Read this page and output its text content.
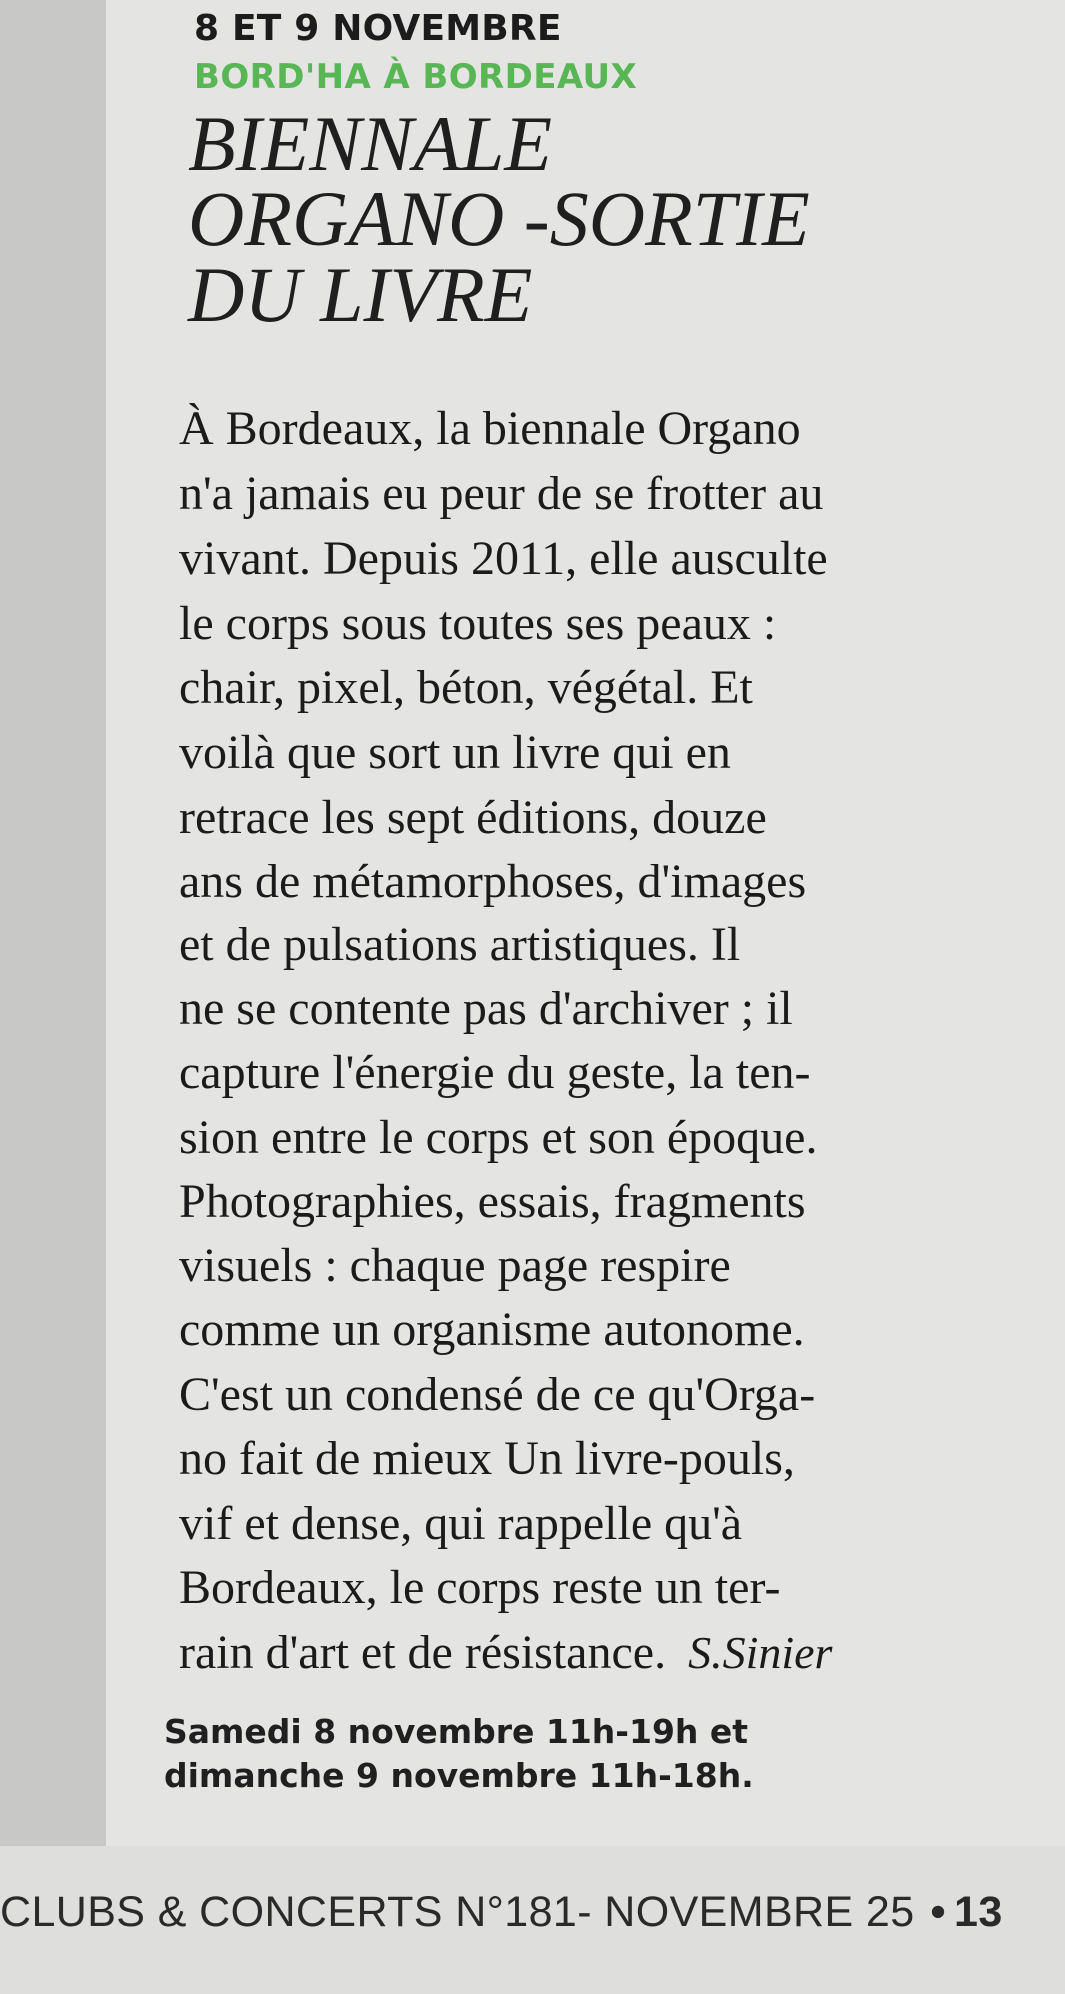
8 ET 9 NOVEMBRE
BORD'HA À BORDEAUX
BIENNALE
ORGANO -SORTIE
DU LIVRE
À Bordeaux, la biennale Organo
n'a jamais eu peur de se frotter au
vivant. Depuis 2011, elle ausculte
le corps sous toutes ses peaux :
chair, pixel, béton, végétal. Et
voilà que sort un livre qui en
retrace les sept éditions, douze
ans de métamorphoses, d'images
et de pulsations artistiques. Il
ne se contente pas d'archiver ; il
capture l'énergie du geste, la ten-
sion entre le corps et son époque.
Photographies, essais, fragments
visuels : chaque page respire
comme un organisme autonome.
C'est un condensé de ce qu'Orga-
no fait de mieux Un livre-pouls,
vif et dense, qui rappelle qu'à
Bordeaux, le corps reste un ter-
rain d'art et de résistance. S.Sinier
Samedi 8 novembre 11h-19h et
dimanche 9 novembre 11h-18h.
CLUBS & CONCERTS N°181- NOVEMBRE 25 • 13
